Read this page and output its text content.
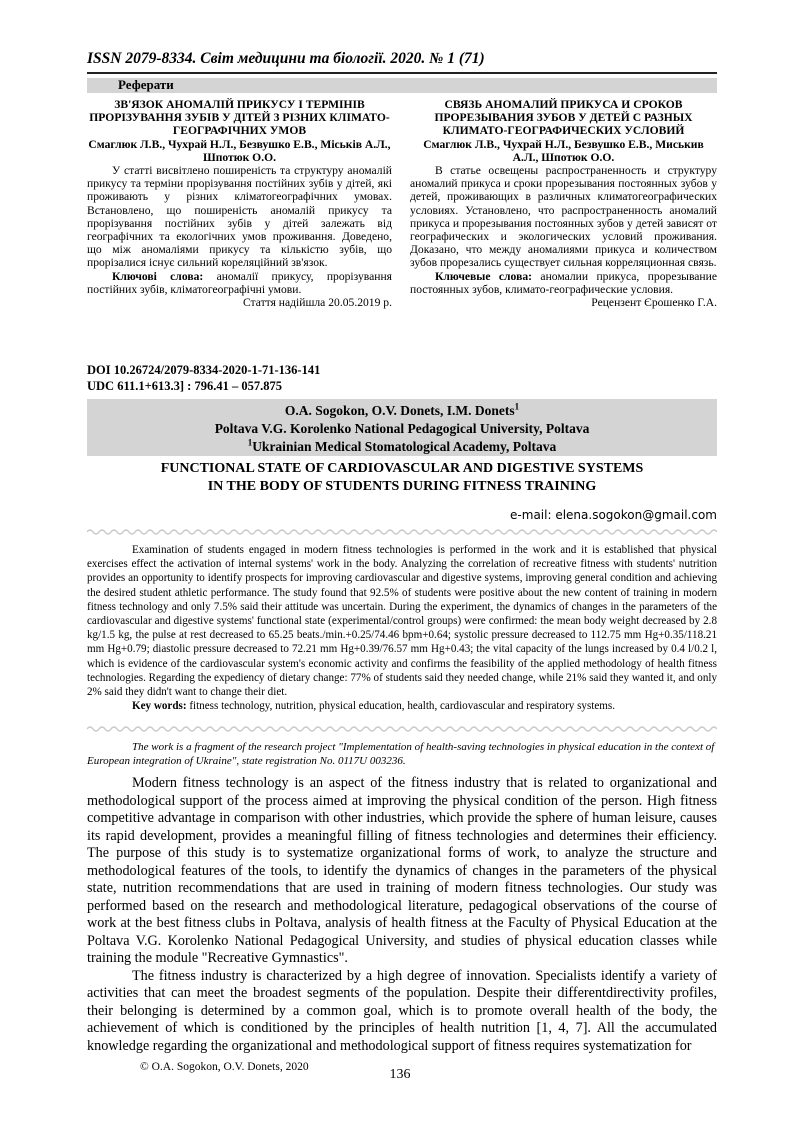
ISSN 2079-8334. Світ медицини та біології. 2020. № 1 (71)
Реферати
ЗВ'ЯЗОК АНОМАЛІЙ ПРИКУСУ І ТЕРМІНІВ ПРОРІЗУВАННЯ ЗУБІВ У ДІТЕЙ З РІЗНИХ КЛІМАТО-ГЕОГРАФІЧНИХ УМОВ
Смаглюк Л.В., Чухрай Н.Л., Безвушко Е.В., Міськів А.Л., Шпотюк О.О.
У статті висвітлено поширеність та структуру аномалій прикусу та терміни прорізування постійних зубів у дітей, які проживають у різних кліматогеографічних умовах. Встановлено, що поширеність аномалій прикусу та прорізування постійних зубів у дітей залежать від географічних та екологічних умов проживання. Доведено, що між аномаліями прикусу та кількістю зубів, що прорізалися існує сильний кореляційний зв'язок.
Ключові слова: аномалії прикусу, прорізування постійних зубів, кліматогеографічні умови.
Стаття надійшла 20.05.2019 р.
СВЯЗЬ АНОМАЛИЙ ПРИКУСА И СРОКОВ ПРОРЕЗЫВАНИЯ ЗУБОВ У ДЕТЕЙ С РАЗНЫХ КЛИМАТО-ГЕОГРАФИЧЕСКИХ УСЛОВИЙ
Смаглюк Л.В., Чухрай Н.Л., Безвушко Е.В., Миськив А.Л., Шпотюк О.О.
В статье освещены распространенность и структуру аномалий прикуса и сроки прорезывания постоянных зубов у детей, проживающих в различных климатогеографических условиях. Установлено, что распространенность аномалий прикуса и прорезывания постоянных зубов у детей зависят от географических и экологических условий проживания. Доказано, что между аномалиями прикуса и количеством зубов прорезались существует сильная корреляционная связь.
Ключевые слова: аномалии прикуса, прорезывание постоянных зубов, климато-географические условия.
Рецензент Єрошенко Г.А.
DOI 10.26724/2079-8334-2020-1-71-136-141
UDC 611.1+613.3] : 796.41 – 057.875
O.A. Sogokon, O.V. Donets, I.M. Donets$^1$
Poltava V.G. Korolenko National Pedagogical University, Poltava
$^1$Ukrainian Medical Stomatological Academy, Poltava
FUNCTIONAL STATE OF CARDIOVASCULAR AND DIGESTIVE SYSTEMS
IN THE BODY OF STUDENTS DURING FITNESS TRAINING
e-mail: elena.sogokon@gmail.com
Examination of students engaged in modern fitness technologies is performed in the work and it is established that physical exercises effect the activation of internal systems' work in the body. Analyzing the correlation of recreative fitness with students' nutrition provides an opportunity to identify prospects for improving cardiovascular and digestive systems, improving general condition and achieving the desired student athletic performance. The study found that 92.5% of students were positive about the new content of training in modern fitness technology and only 7.5% said their attitude was uncertain. During the experiment, the dynamics of changes in the parameters of the cardiovascular and digestive systems' functional state (experimental/control groups) were confirmed: the mean body weight decreased by 2.8 kg/1.5 kg, the pulse at rest decreased to 65.25 beats./min.+0.25/74.46 bpm+0.64; systolic pressure decreased to 112.75 mm Hg+0.35/118.21 mm Hg+0.79; diastolic pressure decreased to 72.21 mm Hg+0.39/76.57 mm Hg+0.43; the vital capacity of the lungs increased by 0.4 l/0.2 l, which is evidence of the cardiovascular system's economic activity and confirms the feasibility of the applied methodology of health fitness technologies. Regarding the expediency of dietary change: 77% of students said they needed change, while 21% said they wanted it, and only 2% said they didn't want to change their diet.
Key words: fitness technology, nutrition, physical education, health, cardiovascular and respiratory systems.
The work is a fragment of the research project "Implementation of health-saving technologies in physical education in the context of European integration of Ukraine", state registration No. 0117U 003236.

Modern fitness technology is an aspect of the fitness industry that is related to organizational and methodological support of the process aimed at improving the physical condition of the person. High fitness competitive advantage in comparison with other industries, which provide the sphere of human leisure, causes its rapid development, provides a meaningful filling of fitness technologies and determines their efficiency. The purpose of this study is to systematize organizational forms of work, to analyze the structure and methodological features of the tools, to identify the dynamics of changes in the parameters of the physical state, nutrition recommendations that are used in training of modern fitness technologies. Our study was performed based on the research and methodological literature, pedagogical observations of the course of work at the best fitness clubs in Poltava, analysis of health fitness at the Faculty of Physical Education at the Poltava V.G. Korolenko National Pedagogical University, and studies of physical education classes while training the module "Recreative Gymnastics".

The fitness industry is characterized by a high degree of innovation. Specialists identify a variety of activities that can meet the broadest segments of the population. Despite their differentdirectivity profiles, their belonging is determined by a common goal, which is to promote overall health of the body, the achievement of which is conditioned by the principles of health nutrition [1, 4, 7]. All the accumulated knowledge regarding the organizational and methodological support of fitness requires systematization for

© O.A. Sogokon, O.V. Donets, 2020	136
